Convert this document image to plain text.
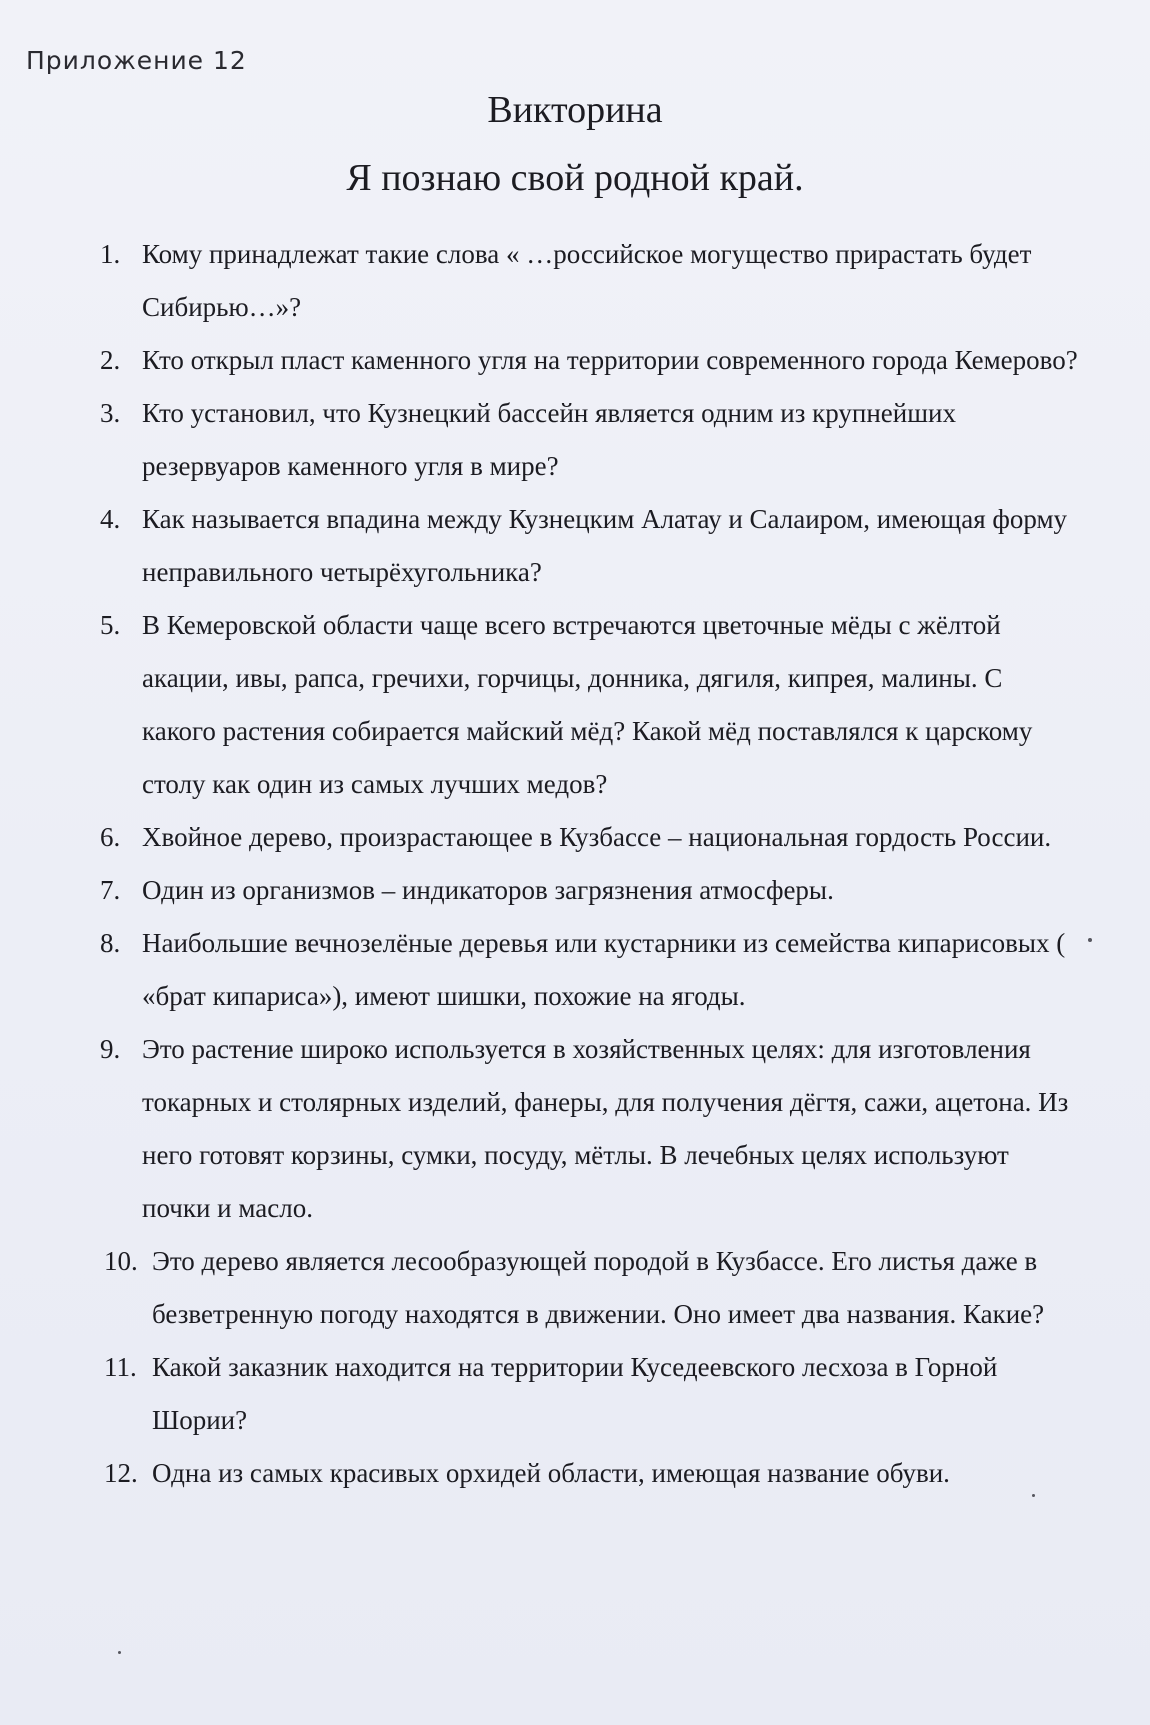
Приложение 12
Викторина
Я познаю свой родной край.
1. Кому принадлежат такие слова « …российское могущество прирастать будет Сибирью…»?
2. Кто открыл пласт каменного угля на территории современного города Кемерово?
3. Кто установил, что Кузнецкий бассейн является одним из крупнейших резервуаров каменного угля в мире?
4. Как называется впадина между Кузнецким Алатау и Салаиром, имеющая форму неправильного четырёхугольника?
5. В Кемеровской области чаще всего встречаются цветочные мёды с жёлтой акации, ивы, рапса, гречихи, горчицы, донника, дягиля, кипрея, малины. С какого растения собирается майский мёд? Какой мёд поставлялся к царскому столу как один из самых лучших медов?
6. Хвойное дерево, произрастающее в Кузбассе – национальная гордость России.
7. Один из организмов – индикаторов загрязнения атмосферы.
8. Наибольшие вечнозелёные деревья или кустарники из семейства кипарисовых ( «брат кипариса»), имеют шишки, похожие на ягоды.
9. Это растение широко используется в хозяйственных целях: для изготовления токарных и столярных изделий, фанеры, для получения дёгтя, сажи, ацетона. Из него готовят корзины, сумки, посуду, мётлы. В лечебных целях используют почки и масло.
10. Это дерево является лесообразующей породой в Кузбассе. Его листья даже в безветренную погоду находятся в движении. Оно имеет два названия. Какие?
11. Какой заказник находится на территории Куседеевского лесхоза в Горной Шории?
12. Одна из самых красивых орхидей области, имеющая название обуви.
